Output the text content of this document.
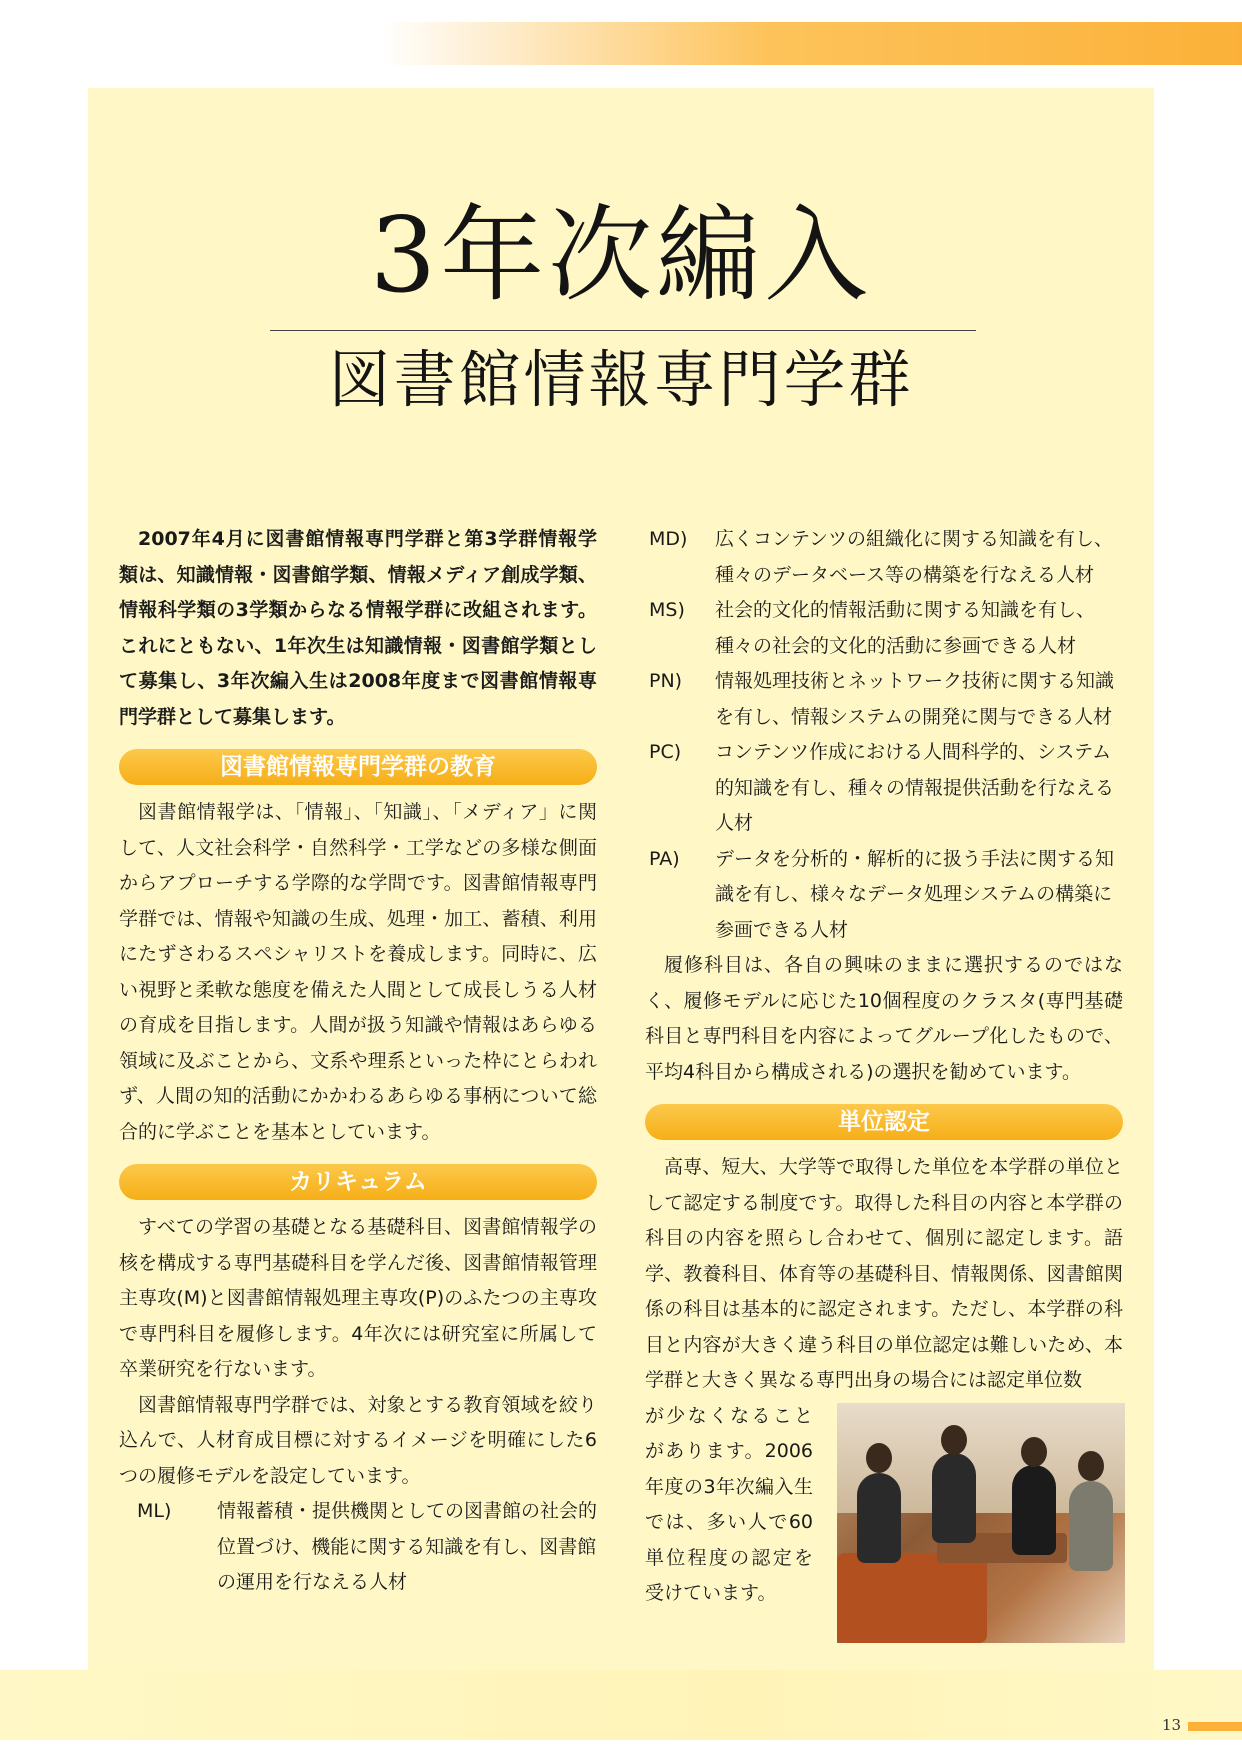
3年次編入
図書館情報専門学群

2007年4月に図書館情報専門学群と第3学群情報学類は、知識情報・図書館学類、情報メディア創成学類、情報科学類の3学類からなる情報学群に改組されます。これにともない、1年次生は知識情報・図書館学類として募集し、3年次編入生は2008年度まで図書館情報専門学群として募集します。

図書館情報専門学群の教育

図書館情報学は、「情報」、「知識」、「メディア」に関して、人文社会科学・自然科学・工学などの多様な側面からアプローチする学際的な学問です。図書館情報専門学群では、情報や知識の生成、処理・加工、蓄積、利用にたずさわるスペシャリストを養成します。同時に、広い視野と柔軟な態度を備えた人間として成長しうる人材の育成を目指します。人間が扱う知識や情報はあらゆる領域に及ぶことから、文系や理系といった枠にとらわれず、人間の知的活動にかかわるあらゆる事柄について総合的に学ぶことを基本としています。

カリキュラム

すべての学習の基礎となる基礎科目、図書館情報学の核を構成する専門基礎科目を学んだ後、図書館情報管理主専攻(M)と図書館情報処理主専攻(P)のふたつの主専攻で専門科目を履修します。4年次には研究室に所属して卒業研究を行ないます。

図書館情報専門学群では、対象とする教育領域を絞り込んで、人材育成目標に対するイメージを明確にした6つの履修モデルを設定しています。

ML)	情報蓄積・提供機関としての図書館の社会的位置づけ、機能に関する知識を有し、図書館の運用を行なえる人材
MD)	広くコンテンツの組織化に関する知識を有し、種々のデータベース等の構築を行なえる人材
MS)	社会的文化的情報活動に関する知識を有し、種々の社会的文化的活動に参画できる人材
PN)	情報処理技術とネットワーク技術に関する知識を有し、情報システムの開発に関与できる人材
PC)	コンテンツ作成における人間科学的、システム的知識を有し、種々の情報提供活動を行なえる人材
PA)	データを分析的・解析的に扱う手法に関する知識を有し、様々なデータ処理システムの構築に参画できる人材

履修科目は、各自の興味のままに選択するのではなく、履修モデルに応じた10個程度のクラスタ(専門基礎科目と専門科目を内容によってグループ化したもので、平均4科目から構成される)の選択を勧めています。

単位認定

高専、短大、大学等で取得した単位を本学群の単位として認定する制度です。取得した科目の内容と本学群の科目の内容を照らし合わせて、個別に認定します。語学、教養科目、体育等の基礎科目、情報関係、図書館関係の科目は基本的に認定されます。ただし、本学群の科目と内容が大きく違う科目の単位認定は難しいため、本学群と大きく異なる専門出身の場合には認定単位数

が少なくなることがあります。2006年度の3年次編入生では、多い人で60単位程度の認定を受けています。

13
